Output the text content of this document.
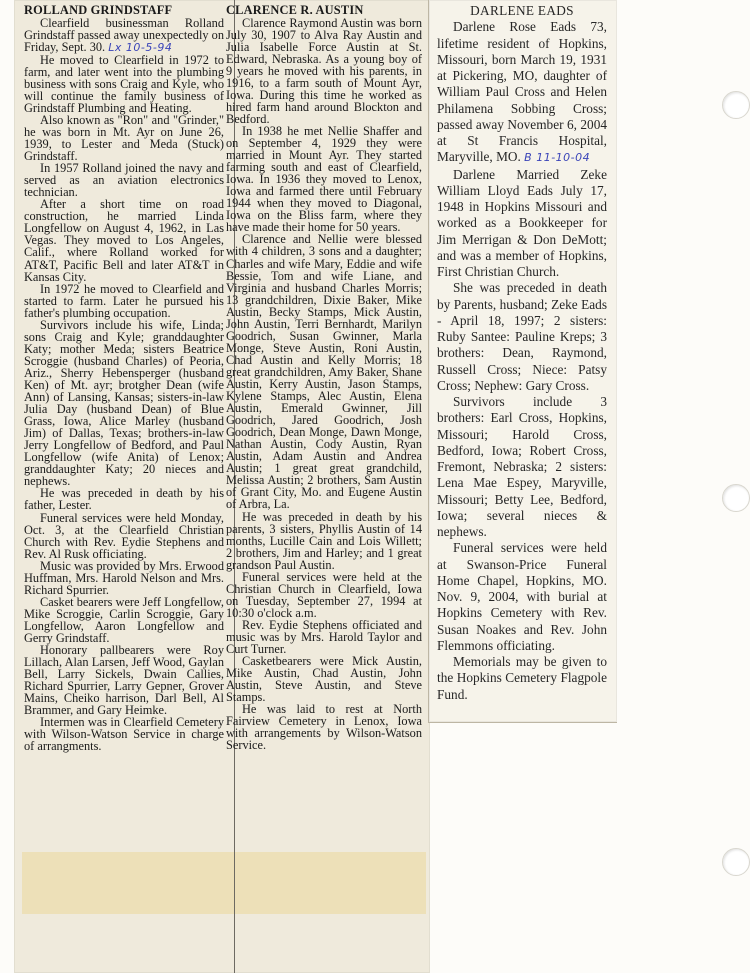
ROLLAND GRINDSTAFF

Clearfield businessman Rolland Grindstaff passed away unexpectedly on Friday, Sept. 30. Lx 10-5-94

He moved to Clearfield in 1972 to farm, and later went into the plumbing business with sons Craig and Kyle, who will continue the family business of Grindstaff Plumbing and Heating.

Also known as "Ron" and "Grinder," he was born in Mt. Ayr on June 26, 1939, to Lester and Meda (Stuck) Grindstaff.

In 1957 Rolland joined the navy and served as an aviation electronics technician.

After a short time on road construction, he married Linda Longfellow on August 4, 1962, in Las Vegas. They moved to Los Angeles, Calif., where Rolland worked for AT&T, Pacific Bell and later AT&T in Kansas City.

In 1972 he moved to Clearfield and started to farm. Later he pursued his father's plumbing occupation.

Survivors include his wife, Linda; sons Craig and Kyle; granddaughter Katy; mother Meda; sisters Beatrice Scroggie (husband Charles) of Peoria, Ariz., Sherry Hebensperger (husband Ken) of Mt. ayr; brotgher Dean (wife Ann) of Lansing, Kansas; sisters-in-law Julia Day (husband Dean) of Blue Grass, Iowa, Alice Marley (husband Jim) of Dallas, Texas; brothers-in-law Jerry Longfellow of Bedford, and Paul Longfellow (wife Anita) of Lenox; granddaughter Katy; 20 nieces and nephews.

He was preceded in death by his father, Lester.

Funeral services were held Monday, Oct. 3, at the Clearfield Christian Church with Rev. Eydie Stephens and Rev. Al Rusk officiating.

Music was provided by Mrs. Erwood Huffman, Mrs. Harold Nelson and Mrs. Richard Spurrier.

Casket bearers were Jeff Longfellow, Mike Scroggie, Carlin Scroggie, Gary Longfellow, Aaron Longfellow and Gerry Grindstaff.

Honorary pallbearers were Roy Lillach, Alan Larsen, Jeff Wood, Gaylan Bell, Larry Sickels, Dwain Callies, Richard Spurrier, Larry Gepner, Grover Mains, Cheiko harrison, Darl Bell, Al Brammer, and Gary Heimke.

Intermen was in Clearfield Cemetery with Wilson-Watson Service in charge of arrangments.

CLARENCE R. AUSTIN

Clarence Raymond Austin was born July 30, 1907 to Alva Ray Austin and Julia Isabelle Force Austin at St. Edward, Nebraska. As a young boy of 9 years he moved with his parents, in 1916, to a farm south of Mount Ayr, Iowa. During this time he worked as hired farm hand around Blockton and Bedford.

In 1938 he met Nellie Shaffer and on September 4, 1929 they were married in Mount Ayr. They started farming south and east of Clearfield, Iowa. In 1936 they moved to Lenox, Iowa and farmed there until February 1944 when they moved to Diagonal, Iowa on the Bliss farm, where they have made their home for 50 years.

Clarence and Nellie were blessed with 4 children, 3 sons and a daughter; Charles and wife Mary, Eddie and wife Bessie, Tom and wife Liane, and Virginia and husband Charles Morris; 13 grandchildren, Dixie Baker, Mike Austin, Becky Stamps, Mick Austin, John Austin, Terri Bernhardt, Marilyn Goodrich, Susan Gwinner, Marla Monge, Steve Austin, Roni Austin, Chad Austin and Kelly Morris; 18 great grandchildren, Amy Baker, Shane Austin, Kerry Austin, Jason Stamps, Kylene Stamps, Alec Austin, Elena Austin, Emerald Gwinner, Jill Goodrich, Jared Goodrich, Josh Goodrich, Dean Monge, Dawn Monge, Nathan Austin, Cody Austin, Ryan Austin, Adam Austin and Andrea Austin; 1 great great grandchild, Melissa Austin; 2 brothers, Sam Austin of Grant City, Mo. and Eugene Austin of Arbra, La.

He was preceded in death by his parents, 3 sisters, Phyllis Austin of 14 months, Lucille Cain and Lois Willett; 2 brothers, Jim and Harley; and 1 great grandson Paul Austin.

Funeral services were held at the Christian Church in Clearfield, Iowa on Tuesday, September 27, 1994 at 10:30 o'clock a.m.

Rev. Eydie Stephens officiated and music was by Mrs. Harold Taylor and Curt Turner.

Casketbearers were Mick Austin, Mike Austin, Chad Austin, John Austin, Steve Austin, and Steve Stamps.

He was laid to rest at North Fairview Cemetery in Lenox, Iowa with arrangements by Wilson-Watson Service.

DARLENE EADS

Darlene Rose Eads 73, lifetime resident of Hopkins, Missouri, born March 19, 1931 at Pickering, MO, daughter of William Paul Cross and Helen Philamena Sobbing Cross; passed away November 6, 2004 at St Francis Hospital, Maryville, MO. B 11-10-04

Darlene Married Zeke William Lloyd Eads July 17, 1948 in Hopkins Missouri and worked as a Bookkeeper for Jim Merrigan & Don DeMott; and was a member of Hopkins, First Christian Church.

She was preceded in death by Parents, husband; Zeke Eads - April 18, 1997; 2 sisters: Ruby Santee: Pauline Kreps; 3 brothers: Dean, Raymond, Russell Cross; Niece: Patsy Cross; Nephew: Gary Cross.

Survivors include 3 brothers: Earl Cross, Hopkins, Missouri; Harold Cross, Bedford, Iowa; Robert Cross, Fremont, Nebraska; 2 sisters: Lena Mae Espey, Maryville, Missouri; Betty Lee, Bedford, Iowa; several nieces & nephews.

Funeral services were held at Swanson-Price Funeral Home Chapel, Hopkins, MO. Nov. 9, 2004, with burial at Hopkins Cemetery with Rev. Susan Noakes and Rev. John Flemmons officiating.

Memorials may be given to the Hopkins Cemetery Flagpole Fund.
